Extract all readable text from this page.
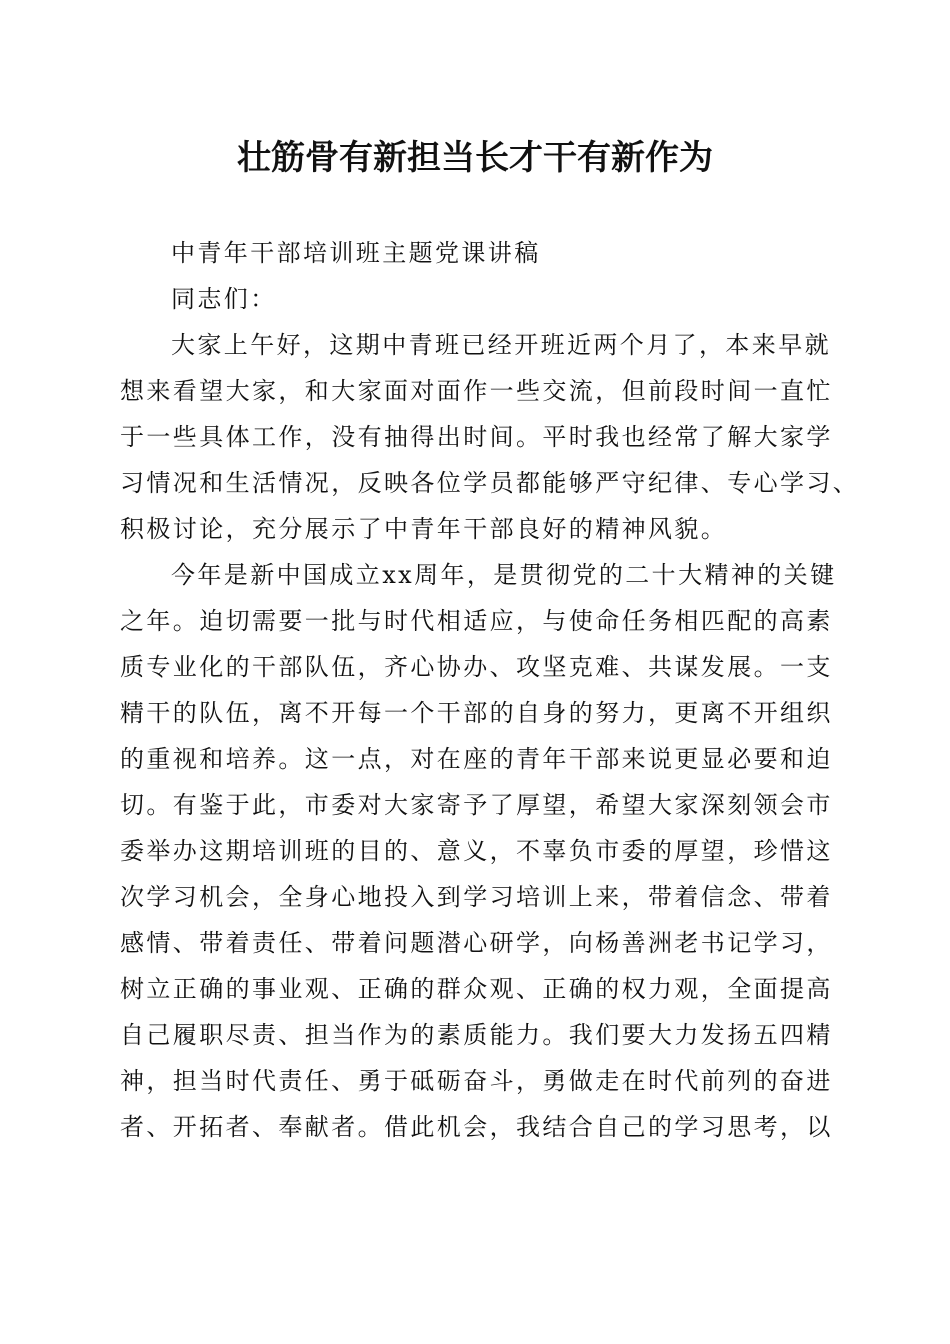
壮筋骨有新担当长才干有新作为
中青年干部培训班主题党课讲稿
同志们：
大家上午好，这期中青班已经开班近两个月了，本来早就
想来看望大家，和大家面对面作一些交流，但前段时间一直忙
于一些具体工作，没有抽得出时间。平时我也经常了解大家学
习情况和生活情况，反映各位学员都能够严守纪律、专心学习、
积极讨论，充分展示了中青年干部良好的精神风貌。
今年是新中国成立xx周年，是贯彻党的二十大精神的关键
之年。迫切需要一批与时代相适应，与使命任务相匹配的高素
质专业化的干部队伍，齐心协办、攻坚克难、共谋发展。一支
精干的队伍，离不开每一个干部的自身的努力，更离不开组织
的重视和培养。这一点，对在座的青年干部来说更显必要和迫
切。有鉴于此，市委对大家寄予了厚望，希望大家深刻领会市
委举办这期培训班的目的、意义，不辜负市委的厚望，珍惜这
次学习机会，全身心地投入到学习培训上来，带着信念、带着
感情、带着责任、带着问题潜心研学，向杨善洲老书记学习，
树立正确的事业观、正确的群众观、正确的权力观，全面提高
自己履职尽责、担当作为的素质能力。我们要大力发扬五四精
神，担当时代责任、勇于砥砺奋斗，勇做走在时代前列的奋进
者、开拓者、奉献者。借此机会，我结合自己的学习思考，以
